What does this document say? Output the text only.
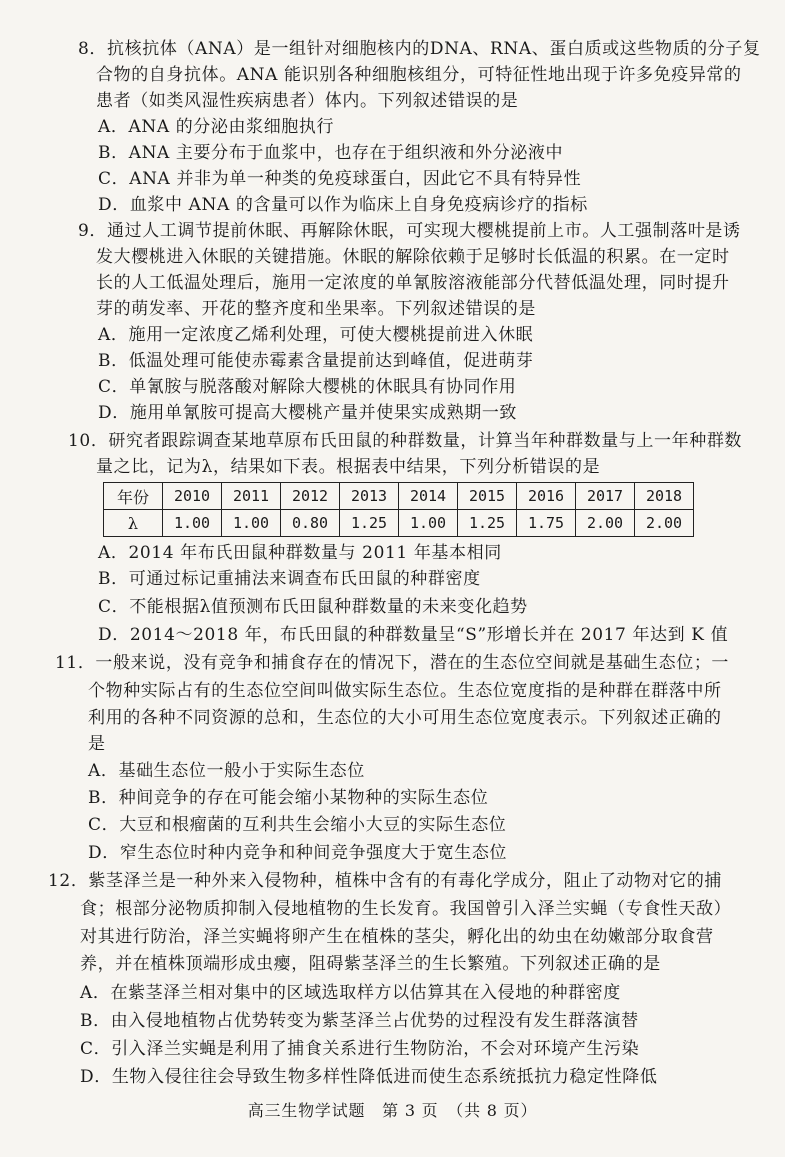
8．抗核抗体（ANA）是一组针对细胞核内的DNA、RNA、蛋白质或这些物质的分子复
合物的自身抗体。ANA 能识别各种细胞核组分，可特征性地出现于许多免疫异常的
患者（如类风湿性疾病患者）体内。下列叙述错误的是
A．ANA 的分泌由浆细胞执行
B．ANA 主要分布于血浆中，也存在于组织液和外分泌液中
C．ANA 并非为单一种类的免疫球蛋白，因此它不具有特异性
D．血浆中 ANA 的含量可以作为临床上自身免疫病诊疗的指标
9．通过人工调节提前休眠、再解除休眠，可实现大樱桃提前上市。人工强制落叶是诱
发大樱桃进入休眠的关键措施。休眠的解除依赖于足够时长低温的积累。在一定时
长的人工低温处理后，施用一定浓度的单氰胺溶液能部分代替低温处理，同时提升
芽的萌发率、开花的整齐度和坐果率。下列叙述错误的是
A．施用一定浓度乙烯利处理，可使大樱桃提前进入休眠
B．低温处理可能使赤霉素含量提前达到峰值，促进萌芽
C．单氰胺与脱落酸对解除大樱桃的休眠具有协同作用
D．施用单氰胺可提高大樱桃产量并使果实成熟期一致
10．研究者跟踪调查某地草原布氏田鼠的种群数量，计算当年种群数量与上一年种群数
量之比，记为λ，结果如下表。根据表中结果，下列分析错误的是
年份	2010	2011	2012	2013	2014	2015	2016	2017	2018
λ	1.00	1.00	0.80	1.25	1.00	1.25	1.75	2.00	2.00
A．2014 年布氏田鼠种群数量与 2011 年基本相同
B．可通过标记重捕法来调查布氏田鼠的种群密度
C．不能根据λ值预测布氏田鼠种群数量的未来变化趋势
D．2014～2018 年，布氏田鼠的种群数量呈“S”形增长并在 2017 年达到 K 值
11．一般来说，没有竞争和捕食存在的情况下，潜在的生态位空间就是基础生态位；一
个物种实际占有的生态位空间叫做实际生态位。生态位宽度指的是种群在群落中所
利用的各种不同资源的总和，生态位的大小可用生态位宽度表示。下列叙述正确的
是
A．基础生态位一般小于实际生态位
B．种间竞争的存在可能会缩小某物种的实际生态位
C．大豆和根瘤菌的互利共生会缩小大豆的实际生态位
D．窄生态位时种内竞争和种间竞争强度大于宽生态位
12．紫茎泽兰是一种外来入侵物种，植株中含有的有毒化学成分，阻止了动物对它的捕
食；根部分泌物质抑制入侵地植物的生长发育。我国曾引入泽兰实蝇（专食性天敌）
对其进行防治，泽兰实蝇将卵产生在植株的茎尖，孵化出的幼虫在幼嫩部分取食营
养，并在植株顶端形成虫瘿，阻碍紫茎泽兰的生长繁殖。下列叙述正确的是
A．在紫茎泽兰相对集中的区域选取样方以估算其在入侵地的种群密度
B．由入侵地植物占优势转变为紫茎泽兰占优势的过程没有发生群落演替
C．引入泽兰实蝇是利用了捕食关系进行生物防治，不会对环境产生污染
D．生物入侵往往会导致生物多样性降低进而使生态系统抵抗力稳定性降低
高三生物学试题　第 3 页　（共 8 页）
